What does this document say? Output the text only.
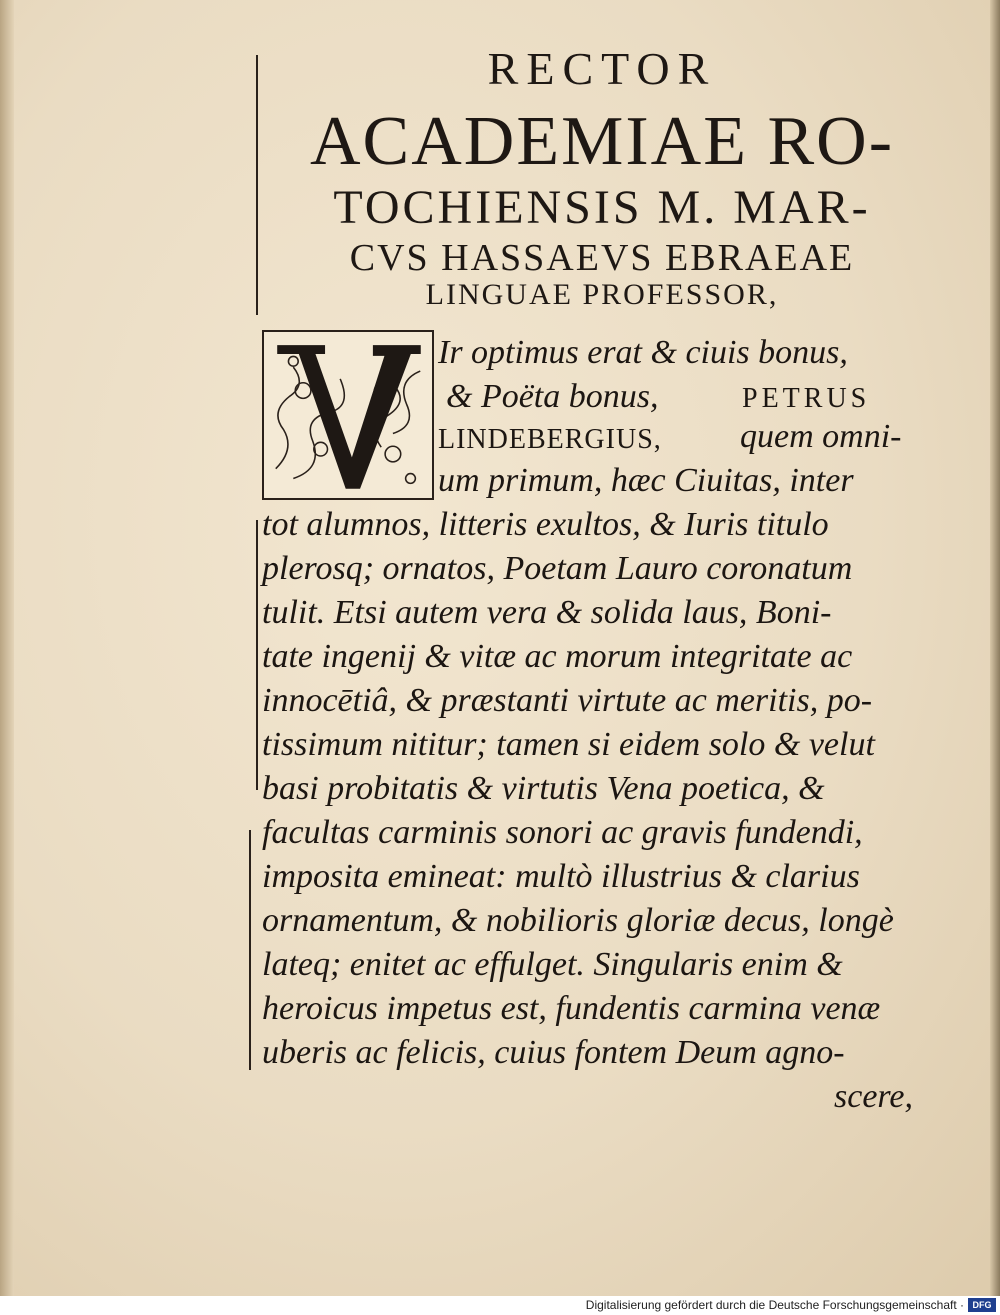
RECTOR
ACADEMIAE RO-
TOCHIENSIS M. MAR-
CVS HASSAEVS EBRAEAE
LINGUAE PROFESSOR,
V

Ir optimus erat & ciuis bonus,

& Poëta bonus,	PETRUS

LINDEBERGIUS, quem omni-

um primum, hæc Ciuitas, inter

tot alumnos, litteris exultos, & Iuris titulo

plerosq; ornatos, Poetam Lauro coronatum

tulit. Etsi autem vera & solida laus, Boni-

tate ingenij & vitæ ac morum integritate ac

innocētiâ, & præstanti virtute ac meritis, po-

tissimum nititur; tamen si eidem solo & velut

basi probitatis & virtutis Vena poetica, &

facultas carminis sonori ac gravis fundendi,

imposita emineat: multò illustrius & clarius

ornamentum, & nobilioris gloriæ decus, longè

lateq; enitet ac effulget. Singularis enim &

heroicus impetus est, fundentis carmina venæ

uberis ac felicis, cuius fontem Deum agno-

scere,

Digitalisierung gefördert durch die Deutsche Forschungsgemeinschaft · DFG
